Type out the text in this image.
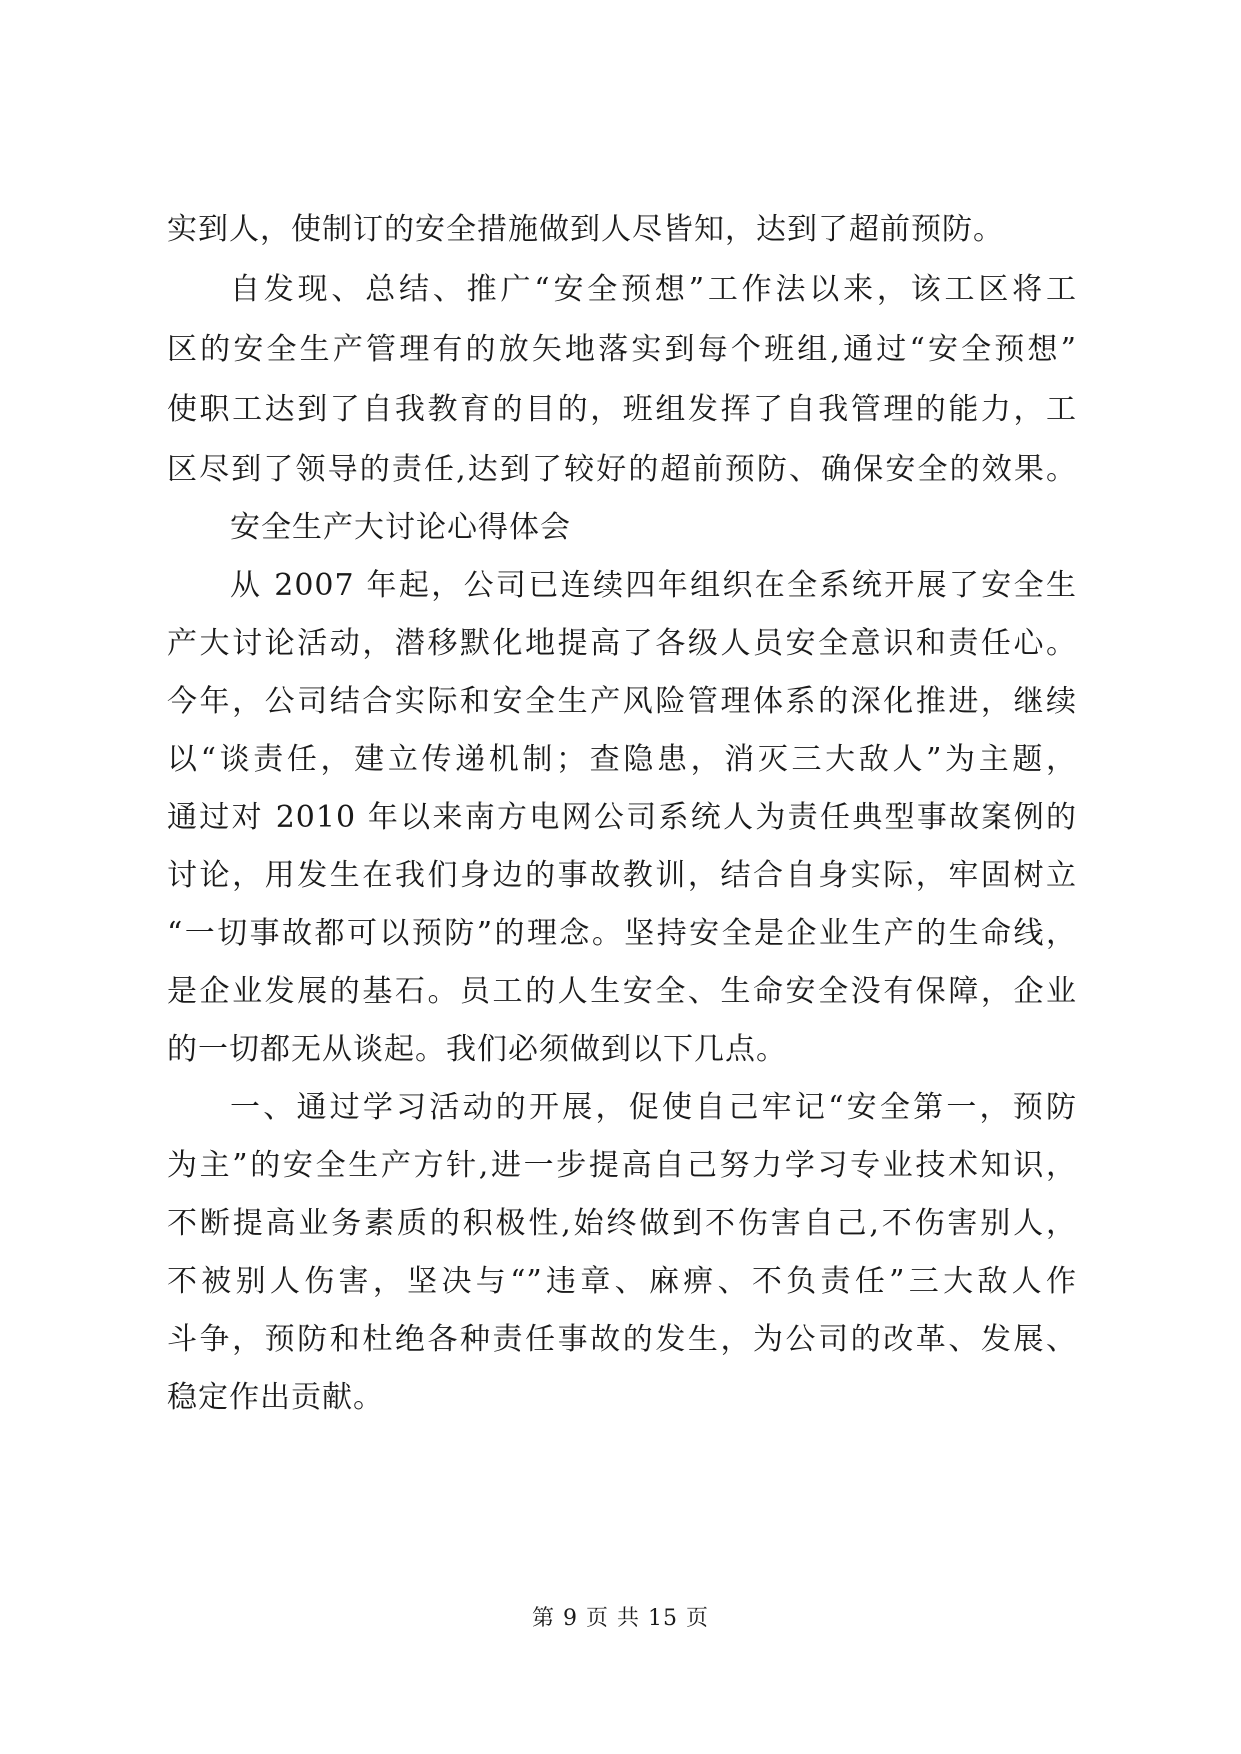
实到人，使制订的安全措施做到人尽皆知，达到了超前预防。
自发现、总结、推广“安全预想”工作法以来，该工区将工
区的安全生产管理有的放矢地落实到每个班组,通过“安全预想”
使职工达到了自我教育的目的，班组发挥了自我管理的能力，工
区尽到了领导的责任,达到了较好的超前预防、确保安全的效果。
安全生产大讨论心得体会
从 2007 年起，公司已连续四年组织在全系统开展了安全生
产大讨论活动，潜移默化地提高了各级人员安全意识和责任心。
今年，公司结合实际和安全生产风险管理体系的深化推进，继续
以“谈责任，建立传递机制；查隐患，消灭三大敌人”为主题，
通过对 2010 年以来南方电网公司系统人为责任典型事故案例的
讨论，用发生在我们身边的事故教训，结合自身实际，牢固树立
“一切事故都可以预防”的理念。坚持安全是企业生产的生命线，
是企业发展的基石。员工的人生安全、生命安全没有保障，企业
的一切都无从谈起。我们必须做到以下几点。
一、通过学习活动的开展，促使自己牢记“安全第一，预防
为主”的安全生产方针,进一步提高自己努力学习专业技术知识，
不断提高业务素质的积极性,始终做到不伤害自己,不伤害别人，
不被别人伤害，坚决与“”违章、麻痹、不负责任”三大敌人作
斗争，预防和杜绝各种责任事故的发生，为公司的改革、发展、
稳定作出贡献。
第 9 页 共 15 页
